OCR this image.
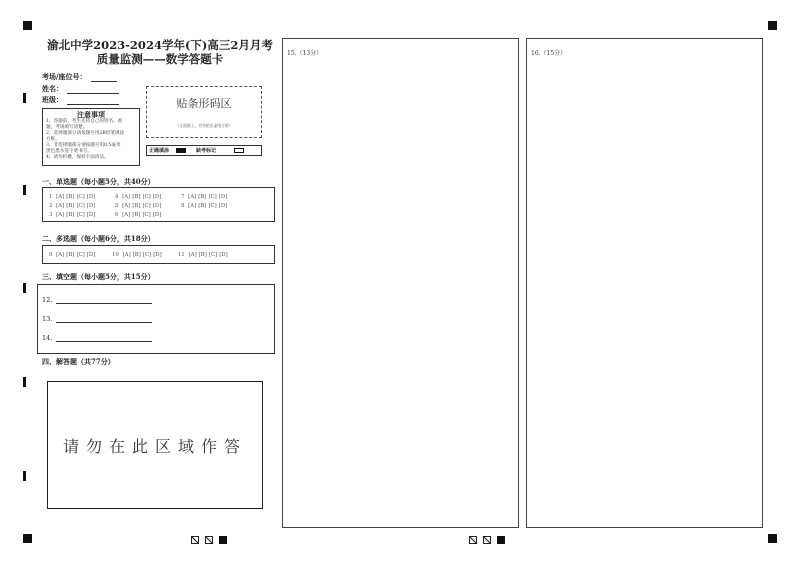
渝北中学2023-2024学年(下)高三2月月考
质量监测——数学答题卡
考场/座位号：
姓名：
班级：
注意事项
1、答题前，考生先将自己的姓名、准
题，考场填写清楚。
2、选择题部分请按题号用2B铅笔填涂
方框。
3、非选择题部分请按题号用0.5毫米
黑色墨水签字笔书写。
4、请勿折叠，保持卡面清洁。
贴条形码区
（正面朝上，切勿贴出虚线方框）
正确填涂	缺考标记
一、单选题（每小题5分，共40分）
1 [A] [B] [C] [D]	4 [A] [B] [C] [D]	7 [A] [B] [C] [D]
2 [A] [B] [C] [D]	5 [A] [B] [C] [D]	8 [A] [B] [C] [D]
3 [A] [B] [C] [D]	6 [A] [B] [C] [D]
二、多选题（每小题6分，共18分）
9 [A] [B] [C] [D]	10 [A] [B] [C] [D]	11 [A] [B] [C] [D]
三、填空题（每小题5分，共15分）
12.
13.
14.
四、解答题（共77分）
请勿在此区域作答
15.（13分）	16.（15分）
